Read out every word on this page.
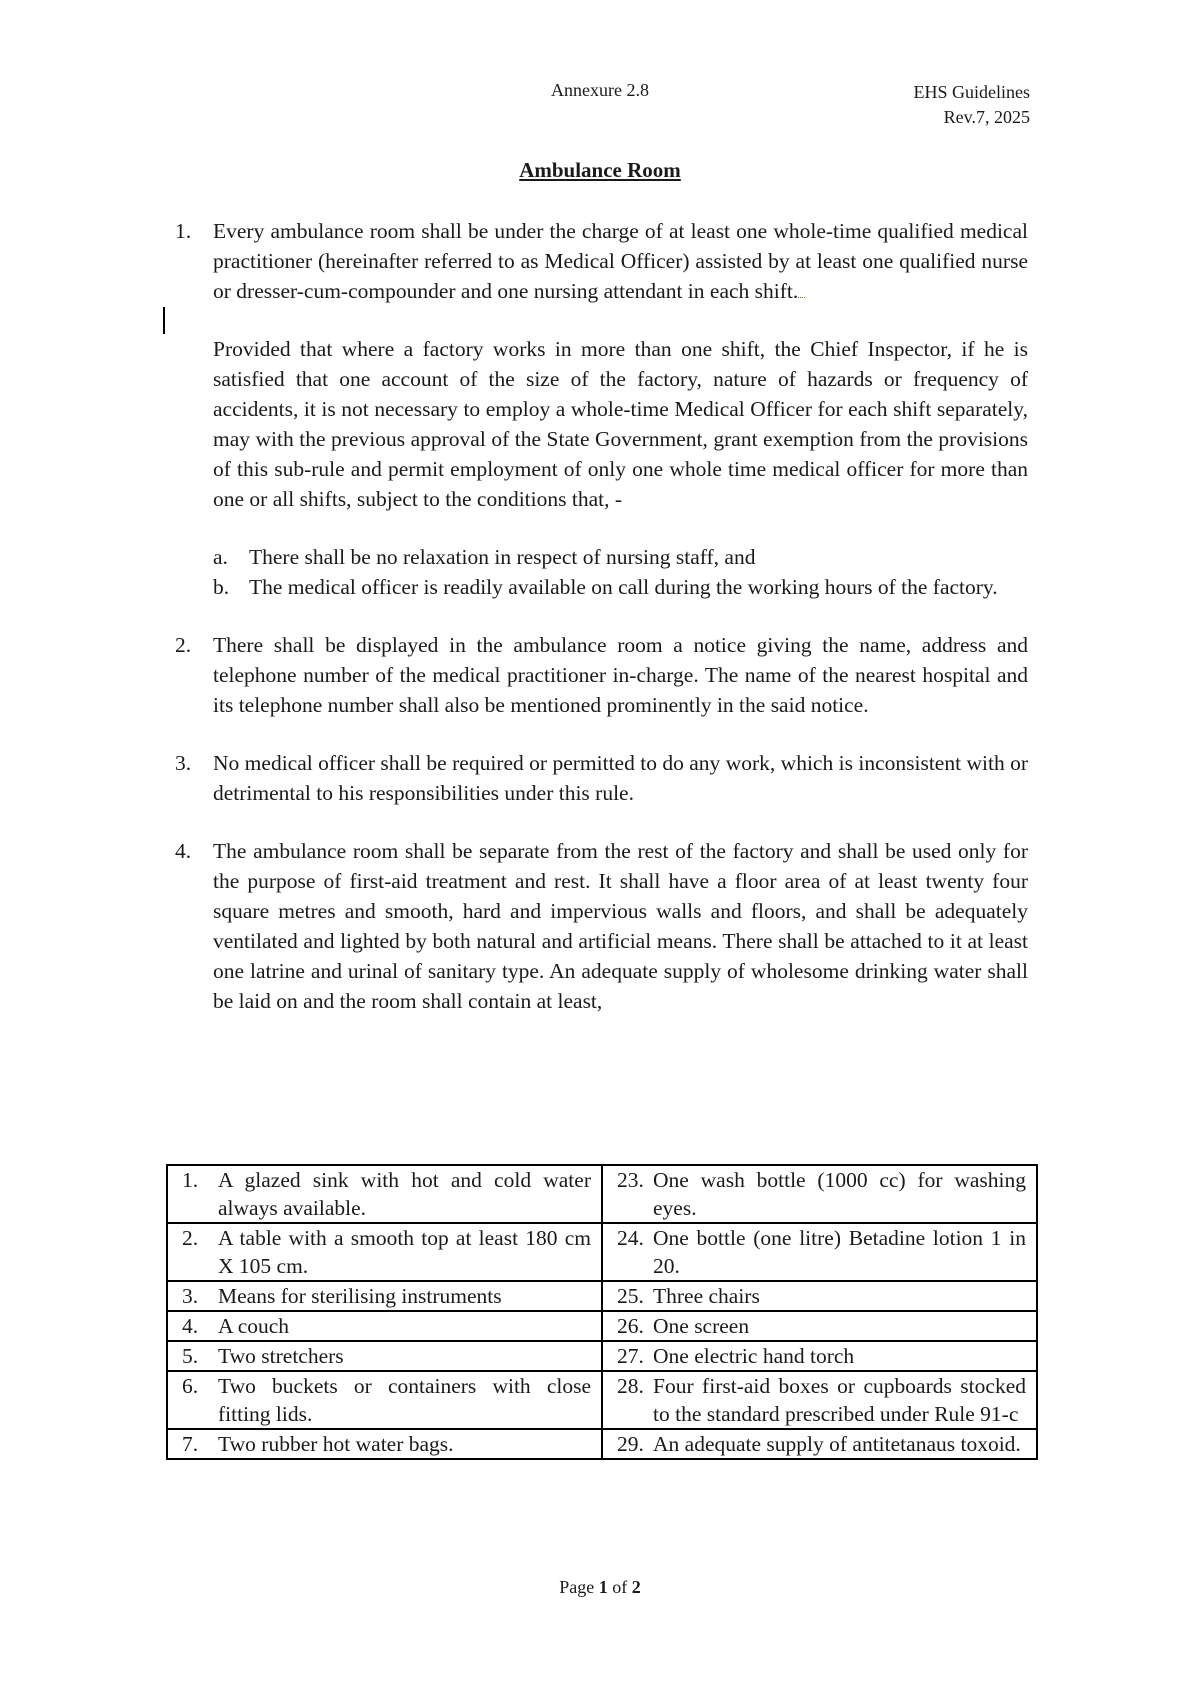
Annexure 2.8	EHS Guidelines
Rev.7, 2025
Ambulance Room
1.	Every ambulance room shall be under the charge of at least one whole-time qualified medical practitioner (hereinafter referred to as Medical Officer) assisted by at least one qualified nurse or dresser-cum-compounder and one nursing attendant in each shift.

Provided that where a factory works in more than one shift, the Chief Inspector, if he is satisfied that one account of the size of the factory, nature of hazards or frequency of accidents, it is not necessary to employ a whole-time Medical Officer for each shift separately, may with the previous approval of the State Government, grant exemption from the provisions of this sub-rule and permit employment of only one whole time medical officer for more than one or all shifts, subject to the conditions that, -

a. There shall be no relaxation in respect of nursing staff, and
b. The medical officer is readily available on call during the working hours of the factory.
2.	There shall be displayed in the ambulance room a notice giving the name, address and telephone number of the medical practitioner in-charge. The name of the nearest hospital and its telephone number shall also be mentioned prominently in the said notice.
3.	No medical officer shall be required or permitted to do any work, which is inconsistent with or detrimental to his responsibilities under this rule.
4.	The ambulance room shall be separate from the rest of the factory and shall be used only for the purpose of first-aid treatment and rest. It shall have a floor area of at least twenty four square metres and smooth, hard and impervious walls and floors, and shall be adequately ventilated and lighted by both natural and artificial means. There shall be attached to it at least one latrine and urinal of sanitary type. An adequate supply of wholesome drinking water shall be laid on and the room shall contain at least,
1. A glazed sink with hot and cold water always available.	23. One wash bottle (1000 cc) for washing eyes.

2. A table with a smooth top at least 180 cm X 105 cm.	24. One bottle (one litre) Betadine lotion 1 in 20.

3. Means for sterilising instruments	25. Three chairs

4. A couch	26. One screen

5. Two stretchers	27. One electric hand torch

6. Two buckets or containers with close fitting lids.	28. Four first-aid boxes or cupboards stocked to the standard prescribed under Rule 91-c

7. Two rubber hot water bags.	29. An adequate supply of antitetanaus toxoid.
Page 1 of 2
